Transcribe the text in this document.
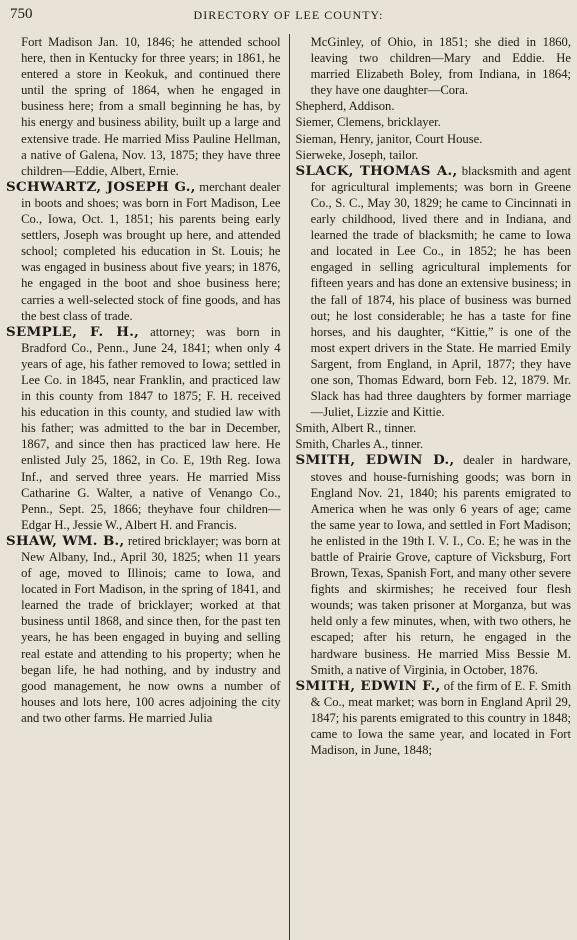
750	DIRECTORY OF LEE COUNTY:

Fort Madison Jan. 10, 1846; he attended school here, then in Kentucky for three years; in 1861, he entered a store in Keokuk, and continued there until the spring of 1864, when he engaged in business here; from a small beginning he has, by his energy and business ability, built up a large and extensive trade. He married Miss Pauline Hellman, a native of Galena, Nov. 13, 1875; they have three children—Eddie, Albert, Ernie.

SCHWARTZ, JOSEPH G., merchant dealer in boots and shoes; was born in Fort Madison, Lee Co., Iowa, Oct. 1, 1851; his parents being early settlers, Joseph was brought up here, and attended school; completed his education in St. Louis; he was engaged in business about five years; in 1876, he engaged in the boot and shoe business here; carries a well-selected stock of fine goods, and has the best class of trade.

SEMPLE, F. H., attorney; was born in Bradford Co., Penn., June 24, 1841; when only 4 years of age, his father removed to Iowa; settled in Lee Co. in 1845, near Franklin, and practiced law in this county from 1847 to 1875; F. H. received his education in this county, and studied law with his father; was admitted to the bar in December, 1867, and since then has practiced law here. He enlisted July 25, 1862, in Co. E, 19th Reg. Iowa Inf., and served three years. He married Miss Catharine G. Walter, a native of Venango Co., Penn., Sept. 25, 1866; theyhave four children—Edgar H., Jessie W., Albert H. and Francis.

SHAW, WM. B., retired bricklayer; was born at New Albany, Ind., April 30, 1825; when 11 years of age, moved to Illinois; came to Iowa, and located in Fort Madison, in the spring of 1841, and learned the trade of bricklayer; worked at that business until 1868, and since then, for the past ten years, he has been engaged in buying and selling real estate and attending to his property; when he began life, he had nothing, and by industry and good management, he now owns a number of houses and lots here, 100 acres adjoining the city and two other farms. He married Julia

McGinley, of Ohio, in 1851; she died in 1860, leaving two children—Mary and Eddie. He married Elizabeth Boley, from Indiana, in 1864; they have one daughter—Cora.

Shepherd, Addison.

Siemer, Clemens, bricklayer.

Sieman, Henry, janitor, Court House.

Sierweke, Joseph, tailor.

SLACK, THOMAS A., blacksmith and agent for agricultural implements; was born in Greene Co., S. C., May 30, 1829; he came to Cincinnati in early childhood, lived there and in Indiana, and learned the trade of blacksmith; he came to Iowa and located in Lee Co., in 1852; he has been engaged in selling agricultural implements for fifteen years and has done an extensive business; in the fall of 1874, his place of business was burned out; he lost considerable; he has a taste for fine horses, and his daughter, “Kittie,” is one of the most expert drivers in the State. He married Emily Sargent, from England, in April, 1877; they have one son, Thomas Edward, born Feb. 12, 1879. Mr. Slack has had three daughters by former marriage—Juliet, Lizzie and Kittie.

Smith, Albert R., tinner.

Smith, Charles A., tinner.

SMITH, EDWIN D., dealer in hardware, stoves and house-furnishing goods; was born in England Nov. 21, 1840; his parents emigrated to America when he was only 6 years of age; came the same year to Iowa, and settled in Fort Madison; he enlisted in the 19th I. V. I., Co. E; he was in the battle of Prairie Grove, capture of Vicksburg, Fort Brown, Texas, Spanish Fort, and many other severe fights and skirmishes; he received four flesh wounds; was taken prisoner at Morganza, but was held only a few minutes, when, with two others, he escaped; after his return, he engaged in the hardware business. He married Miss Bessie M. Smith, a native of Virginia, in October, 1876.

SMITH, EDWIN F., of the firm of E. F. Smith & Co., meat market; was born in England April 29, 1847; his parents emigrated to this country in 1848; came to Iowa the same year, and located in Fort Madison, in June, 1848;
